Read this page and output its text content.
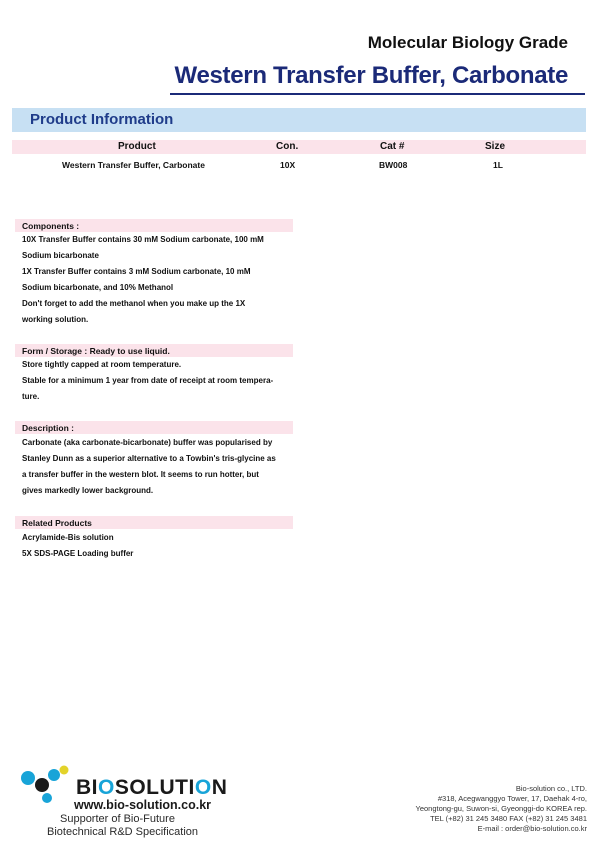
Molecular Biology Grade
Western Transfer Buffer, Carbonate
Product Information
Product	Con.	Cat #	Size
Western Transfer Buffer, Carbonate	10X	BW008	1L
Components :
10X Transfer Buffer contains 30 mM Sodium carbonate, 100 mM
Sodium bicarbonate
1X Transfer Buffer contains 3 mM Sodium carbonate, 10 mM
Sodium bicarbonate, and 10% Methanol
Don't forget to add the methanol when you make up the 1X
working solution.
Form / Storage : Ready to use liquid.
Store tightly capped at room temperature.
Stable for a minimum 1 year from date of receipt at room tempera-
ture.
Description :
Carbonate (aka carbonate-bicarbonate) buffer was popularised by
Stanley Dunn as a superior alternative to a Towbin's tris-glycine as
a transfer buffer in the western blot. It seems to run hotter, but
gives markedly lower background.
Related Products
Acrylamide-Bis solution
5X SDS-PAGE Loading buffer
BIOSOLUTION
www.bio-solution.co.kr
Supporter of Bio-Future
Biotechnical R&D Specification
Bio-solution co., LTD.
#318, Acegwanggyo Tower, 17, Daehak 4-ro,
Yeongtong-gu, Suwon-si, Gyeonggi-do KOREA rep.
TEL (+82) 31 245 3480 FAX (+82) 31 245 3481
E-mail : order@bio-solution.co.kr
